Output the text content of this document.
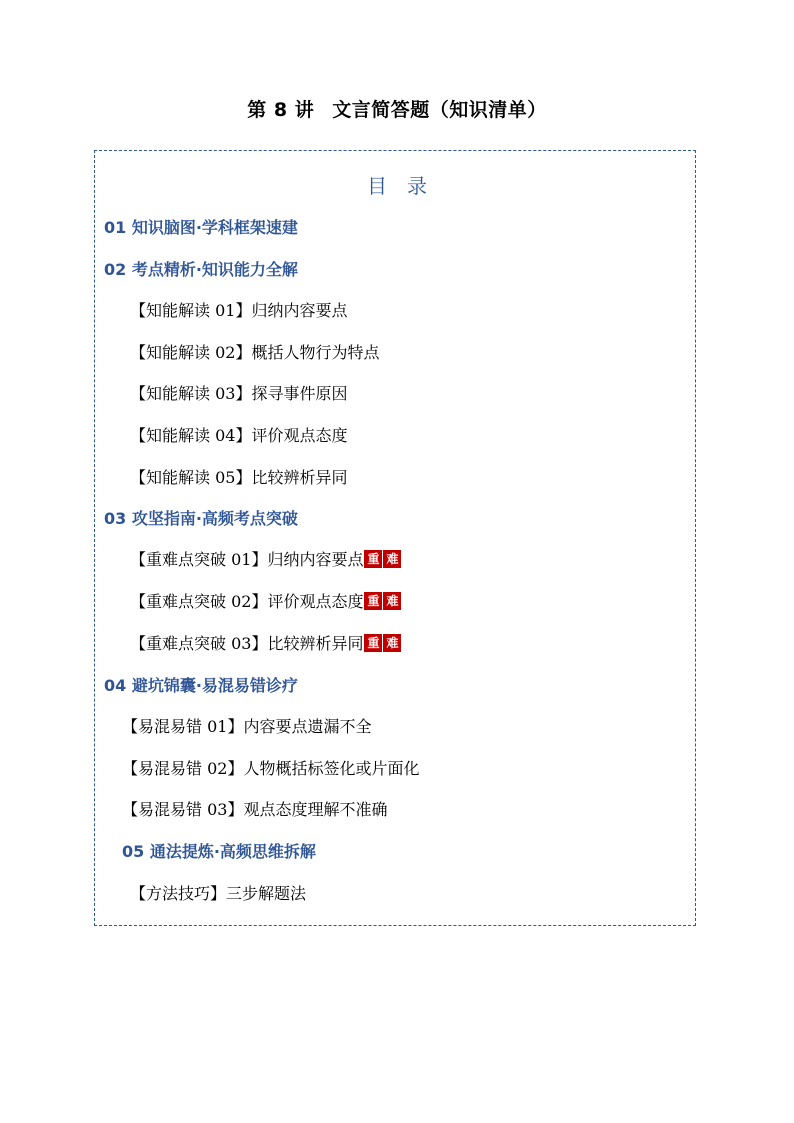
第 8 讲 文言简答题（知识清单）
目录
01 知识脑图·学科框架速建
02 考点精析·知识能力全解
【知能解读 01】归纳内容要点
【知能解读 02】概括人物行为特点
【知能解读 03】探寻事件原因
【知能解读 04】评价观点态度
【知能解读 05】比较辨析异同
03 攻坚指南·高频考点突破
【重难点突破 01】归纳内容要点 重 难
【重难点突破 02】评价观点态度 重 难
【重难点突破 03】比较辨析异同 重 难
04 避坑锦囊·易混易错诊疗
【易混易错 01】内容要点遗漏不全
【易混易错 02】人物概括标签化或片面化
【易混易错 03】观点态度理解不准确
05 通法提炼·高频思维拆解
【方法技巧】三步解题法
